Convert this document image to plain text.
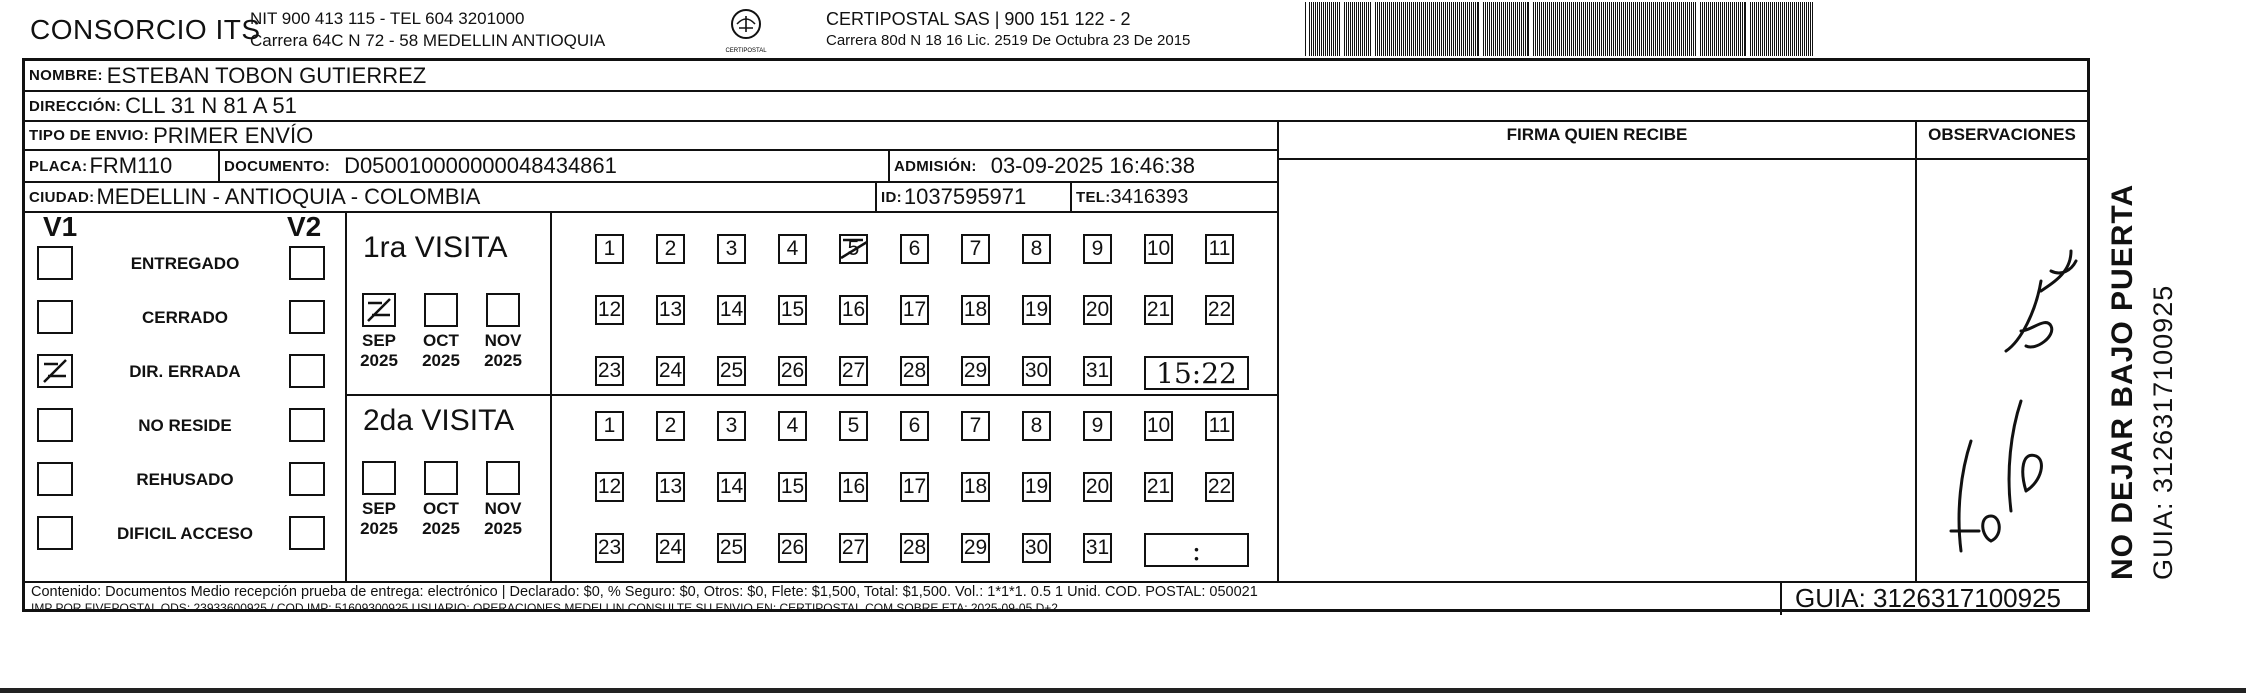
CONSORCIO ITS
NIT 900 413 115 - TEL 604 3201000
Carrera 64C N 72 - 58 MEDELLIN ANTIOQUIA
CERTIPOSTAL
CERTIPOSTAL SAS | 900 151 122 - 2
Carrera 80d N 18 16 Lic. 2519 De Octubra 23 De 2015
NOMBRE: ESTEBAN TOBON GUTIERREZ
DIRECCIÓN: CLL 31 N 81 A 51
TIPO DE ENVIO: PRIMER ENVÍO
PLACA: FRM110	DOCUMENTO: D050010000000048434861	ADMISIÓN: 03-09-2025 16:46:38
CIUDAD: MEDELLIN - ANTIOQUIA - COLOMBIA	ID: 1037595971	TEL: 3416393
FIRMA QUIEN RECIBE	OBSERVACIONES
V1	V2
ENTREGADO
CERRADO
DIR. ERRADA
NO RESIDE
REHUSADO
DIFICIL ACCESO
1ra VISITA
SEP
2025
OCT
2025
NOV
2025
1	2	3	4	5	6	7	8	9	10 11
12 13 14 15 16 17 18 19 20 21 22
23 24 25 26 27 28 29 30 31	15:22
2da VISITA
SEP
2025
OCT
2025
NOV
2025
1	2	3	4	5	6	7	8	9	10 11
12 13 14 15 16 17 18 19 20 21 22
23 24 25 26 27 28 29 30 31	:
Contenido: Documentos Medio recepción prueba de entrega: electrónico | Declarado: $0, % Seguro: $0, Otros: $0, Flete: $1,500, Total: $1,500. Vol.: 1*1*1. 0.5 1 Unid. COD. POSTAL: 050021
IMP POR FIVEPOSTAL ODS: 23933600925 / COD.IMP: 51609300925 USUARIO: OPERACIONES MEDELLIN CONSULTE SU ENVIO EN: CERTIPOSTAL.COM SOBRE ETA: 2025-09-05 D+2	GUIA: 3126317100925
NO DEJAR BAJO PUERTA GUIA: 3126317100925
